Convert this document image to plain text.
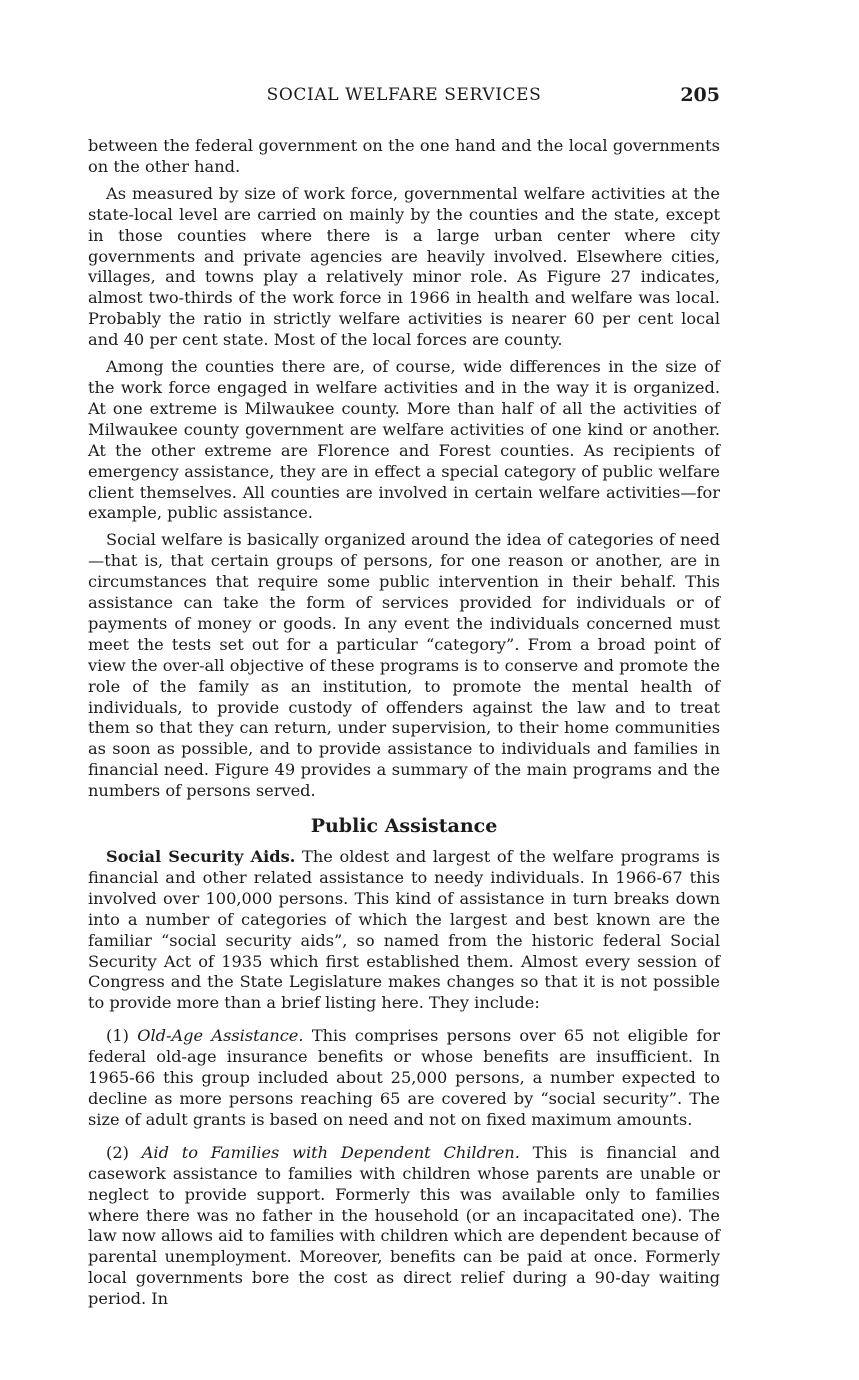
SOCIAL WELFARE SERVICES	205

between the federal government on the one hand and the local governments on the other hand.

As measured by size of work force, governmental welfare activities at the state-local level are carried on mainly by the counties and the state, except in those counties where there is a large urban center where city governments and private agencies are heavily involved. Elsewhere cities, villages, and towns play a relatively minor role. As Figure 27 indicates, almost two-thirds of the work force in 1966 in health and welfare was local. Probably the ratio in strictly welfare activities is nearer 60 per cent local and 40 per cent state. Most of the local forces are county.

Among the counties there are, of course, wide differences in the size of the work force engaged in welfare activities and in the way it is organized. At one extreme is Milwaukee county. More than half of all the activities of Milwaukee county government are welfare activities of one kind or another. At the other extreme are Florence and Forest counties. As recipients of emergency assistance, they are in effect a special category of public welfare client themselves. All counties are involved in certain welfare activities—for example, public assistance.

Social welfare is basically organized around the idea of categories of need —that is, that certain groups of persons, for one reason or another, are in circumstances that require some public intervention in their behalf. This assistance can take the form of services provided for individuals or of payments of money or goods. In any event the individuals concerned must meet the tests set out for a particular “category”. From a broad point of view the over-all objective of these programs is to conserve and promote the role of the family as an institution, to promote the mental health of individuals, to provide custody of offenders against the law and to treat them so that they can return, under supervision, to their home communities as soon as possible, and to provide assistance to individuals and families in financial need. Figure 49 provides a summary of the main programs and the numbers of persons served.

Public Assistance

Social Security Aids. The oldest and largest of the welfare programs is financial and other related assistance to needy individuals. In 1966-67 this involved over 100,000 persons. This kind of assistance in turn breaks down into a number of categories of which the largest and best known are the familiar “social security aids”, so named from the historic federal Social Security Act of 1935 which first established them. Almost every session of Congress and the State Legislature makes changes so that it is not possible to provide more than a brief listing here. They include:

(1) Old-Age Assistance. This comprises persons over 65 not eligible for federal old-age insurance benefits or whose benefits are insufficient. In 1965-66 this group included about 25,000 persons, a number expected to decline as more persons reaching 65 are covered by “social security”. The size of adult grants is based on need and not on fixed maximum amounts.

(2) Aid to Families with Dependent Children. This is financial and casework assistance to families with children whose parents are unable or neglect to provide support. Formerly this was available only to families where there was no father in the household (or an incapacitated one). The law now allows aid to families with children which are dependent because of parental unemployment. Moreover, benefits can be paid at once. Formerly local governments bore the cost as direct relief during a 90-day waiting period. In
